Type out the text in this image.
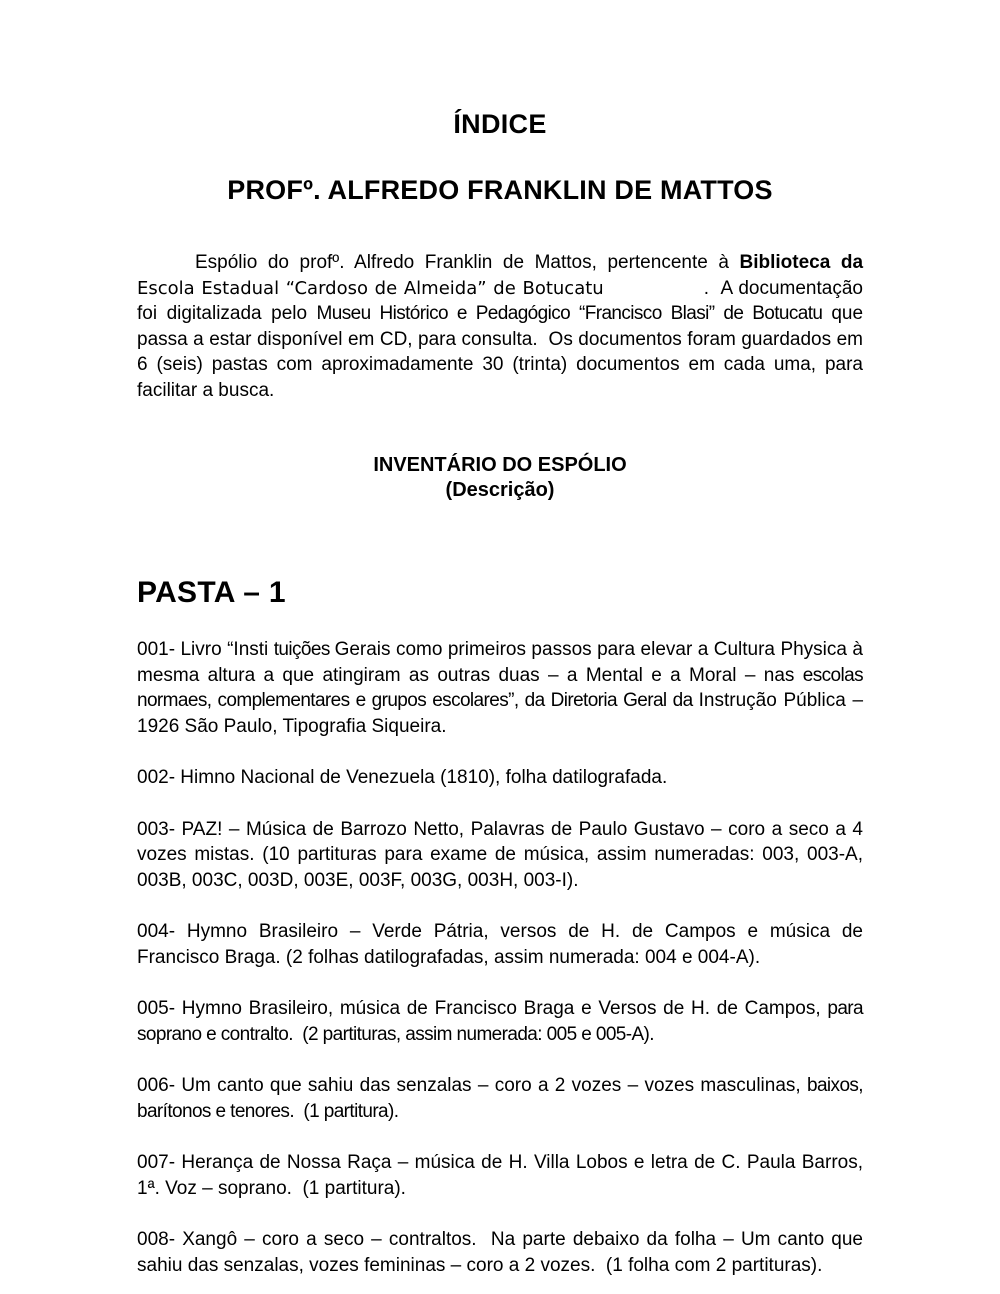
ÍNDICE
PROFº. ALFREDO FRANKLIN DE MATTOS

Espólio do profº. Alfredo Franklin de Mattos, pertencente à Biblioteca da Escola Estadual “Cardoso de Almeida” de Botucatu	.  A documentação foi digitalizada pelo Museu Histórico e Pedagógico “Francisco Blasi” de Botucatu que passa a estar disponível em CD, para consulta.  Os documentos foram guardados em 6 (seis) pastas com aproximadamente 30 (trinta) documentos em cada uma, para facilitar a busca.

INVENTÁRIO DO ESPÓLIO
(Descrição)
PASTA – 1

001- Livro “Insti tuições Gerais como primeiros passos para elevar a Cultura Physica à mesma altura a que atingiram as outras duas – a Mental e a Moral – nas escolas normaes, complementares e grupos escolares”, da Diretoria Geral da Instrução Pública – 1926 São Paulo, Tipografia Siqueira.

002- Himno Nacional de Venezuela (1810), folha datilografada.

003- PAZ! – Música de Barrozo Netto, Palavras de Paulo Gustavo – coro a seco a 4 vozes mistas. (10 partituras para exame de música, assim numeradas: 003, 003-A, 003B, 003C, 003D, 003E, 003F, 003G, 003H, 003-I).

004- Hymno Brasileiro – Verde Pátria, versos de H. de Campos e música de Francisco Braga. (2 folhas datilografadas, assim numerada: 004 e 004-A).

005- Hymno Brasileiro, música de Francisco Braga e Versos de H. de Campos, para soprano e contralto.  (2 partituras, assim numerada: 005 e 005-A).

006- Um canto que sahiu das senzalas – coro a 2 vozes – vozes masculinas, baixos, barítonos e tenores.  (1 partitura).

007- Herança de Nossa Raça – música de H. Villa Lobos e letra de C. Paula Barros, 1ª. Voz – soprano.  (1 partitura).

008- Xangô – coro a seco – contraltos.  Na parte debaixo da folha – Um canto que sahiu das senzalas, vozes femininas – coro a 2 vozes.  (1 folha com 2 partituras).
